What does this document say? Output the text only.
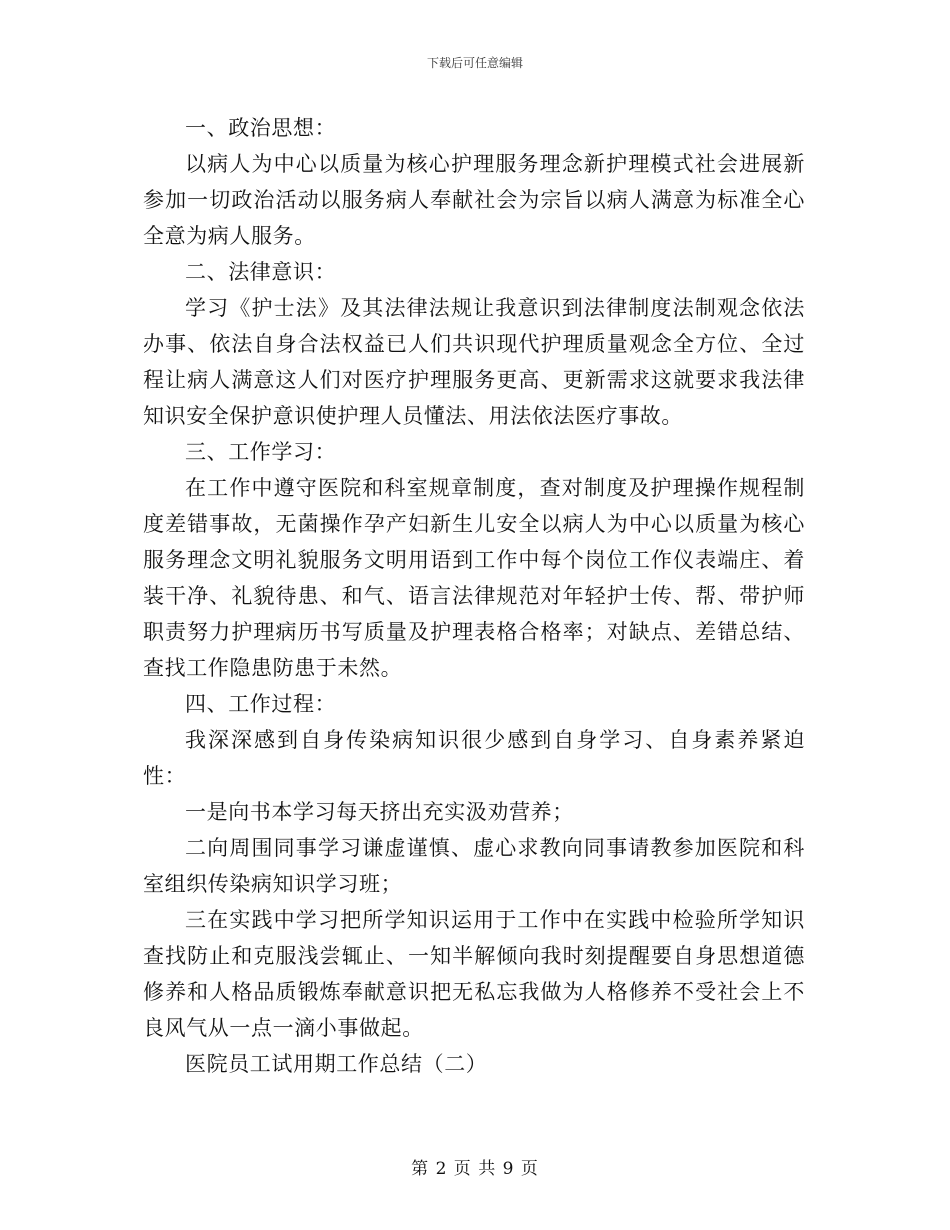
下载后可任意编辑

一、政治思想：

以病人为中心以质量为核心护理服务理念新护理模式社会进展新参加一切政治活动以服务病人奉献社会为宗旨以病人满意为标准全心全意为病人服务。

二、法律意识：

学习《护士法》及其法律法规让我意识到法律制度法制观念依法办事、依法自身合法权益已人们共识现代护理质量观念全方位、全过程让病人满意这人们对医疗护理服务更高、更新需求这就要求我法律知识安全保护意识使护理人员懂法、用法依法医疗事故。

三、工作学习：

在工作中遵守医院和科室规章制度，查对制度及护理操作规程制度差错事故，无菌操作孕产妇新生儿安全以病人为中心以质量为核心服务理念文明礼貌服务文明用语到工作中每个岗位工作仪表端庄、着装干净、礼貌待患、和气、语言法律规范对年轻护士传、帮、带护师职责努力护理病历书写质量及护理表格合格率；对缺点、差错总结、查找工作隐患防患于未然。

四、工作过程：

我深深感到自身传染病知识很少感到自身学习、自身素养紧迫性：

一是向书本学习每天挤出充实汲劝营养；

二向周围同事学习谦虚谨慎、虚心求教向同事请教参加医院和科室组织传染病知识学习班；

三在实践中学习把所学知识运用于工作中在实践中检验所学知识查找防止和克服浅尝辄止、一知半解倾向我时刻提醒要自身思想道德修养和人格品质锻炼奉献意识把无私忘我做为人格修养不受社会上不良风气从一点一滴小事做起。

医院员工试用期工作总结（二）

第 2 页 共 9 页
